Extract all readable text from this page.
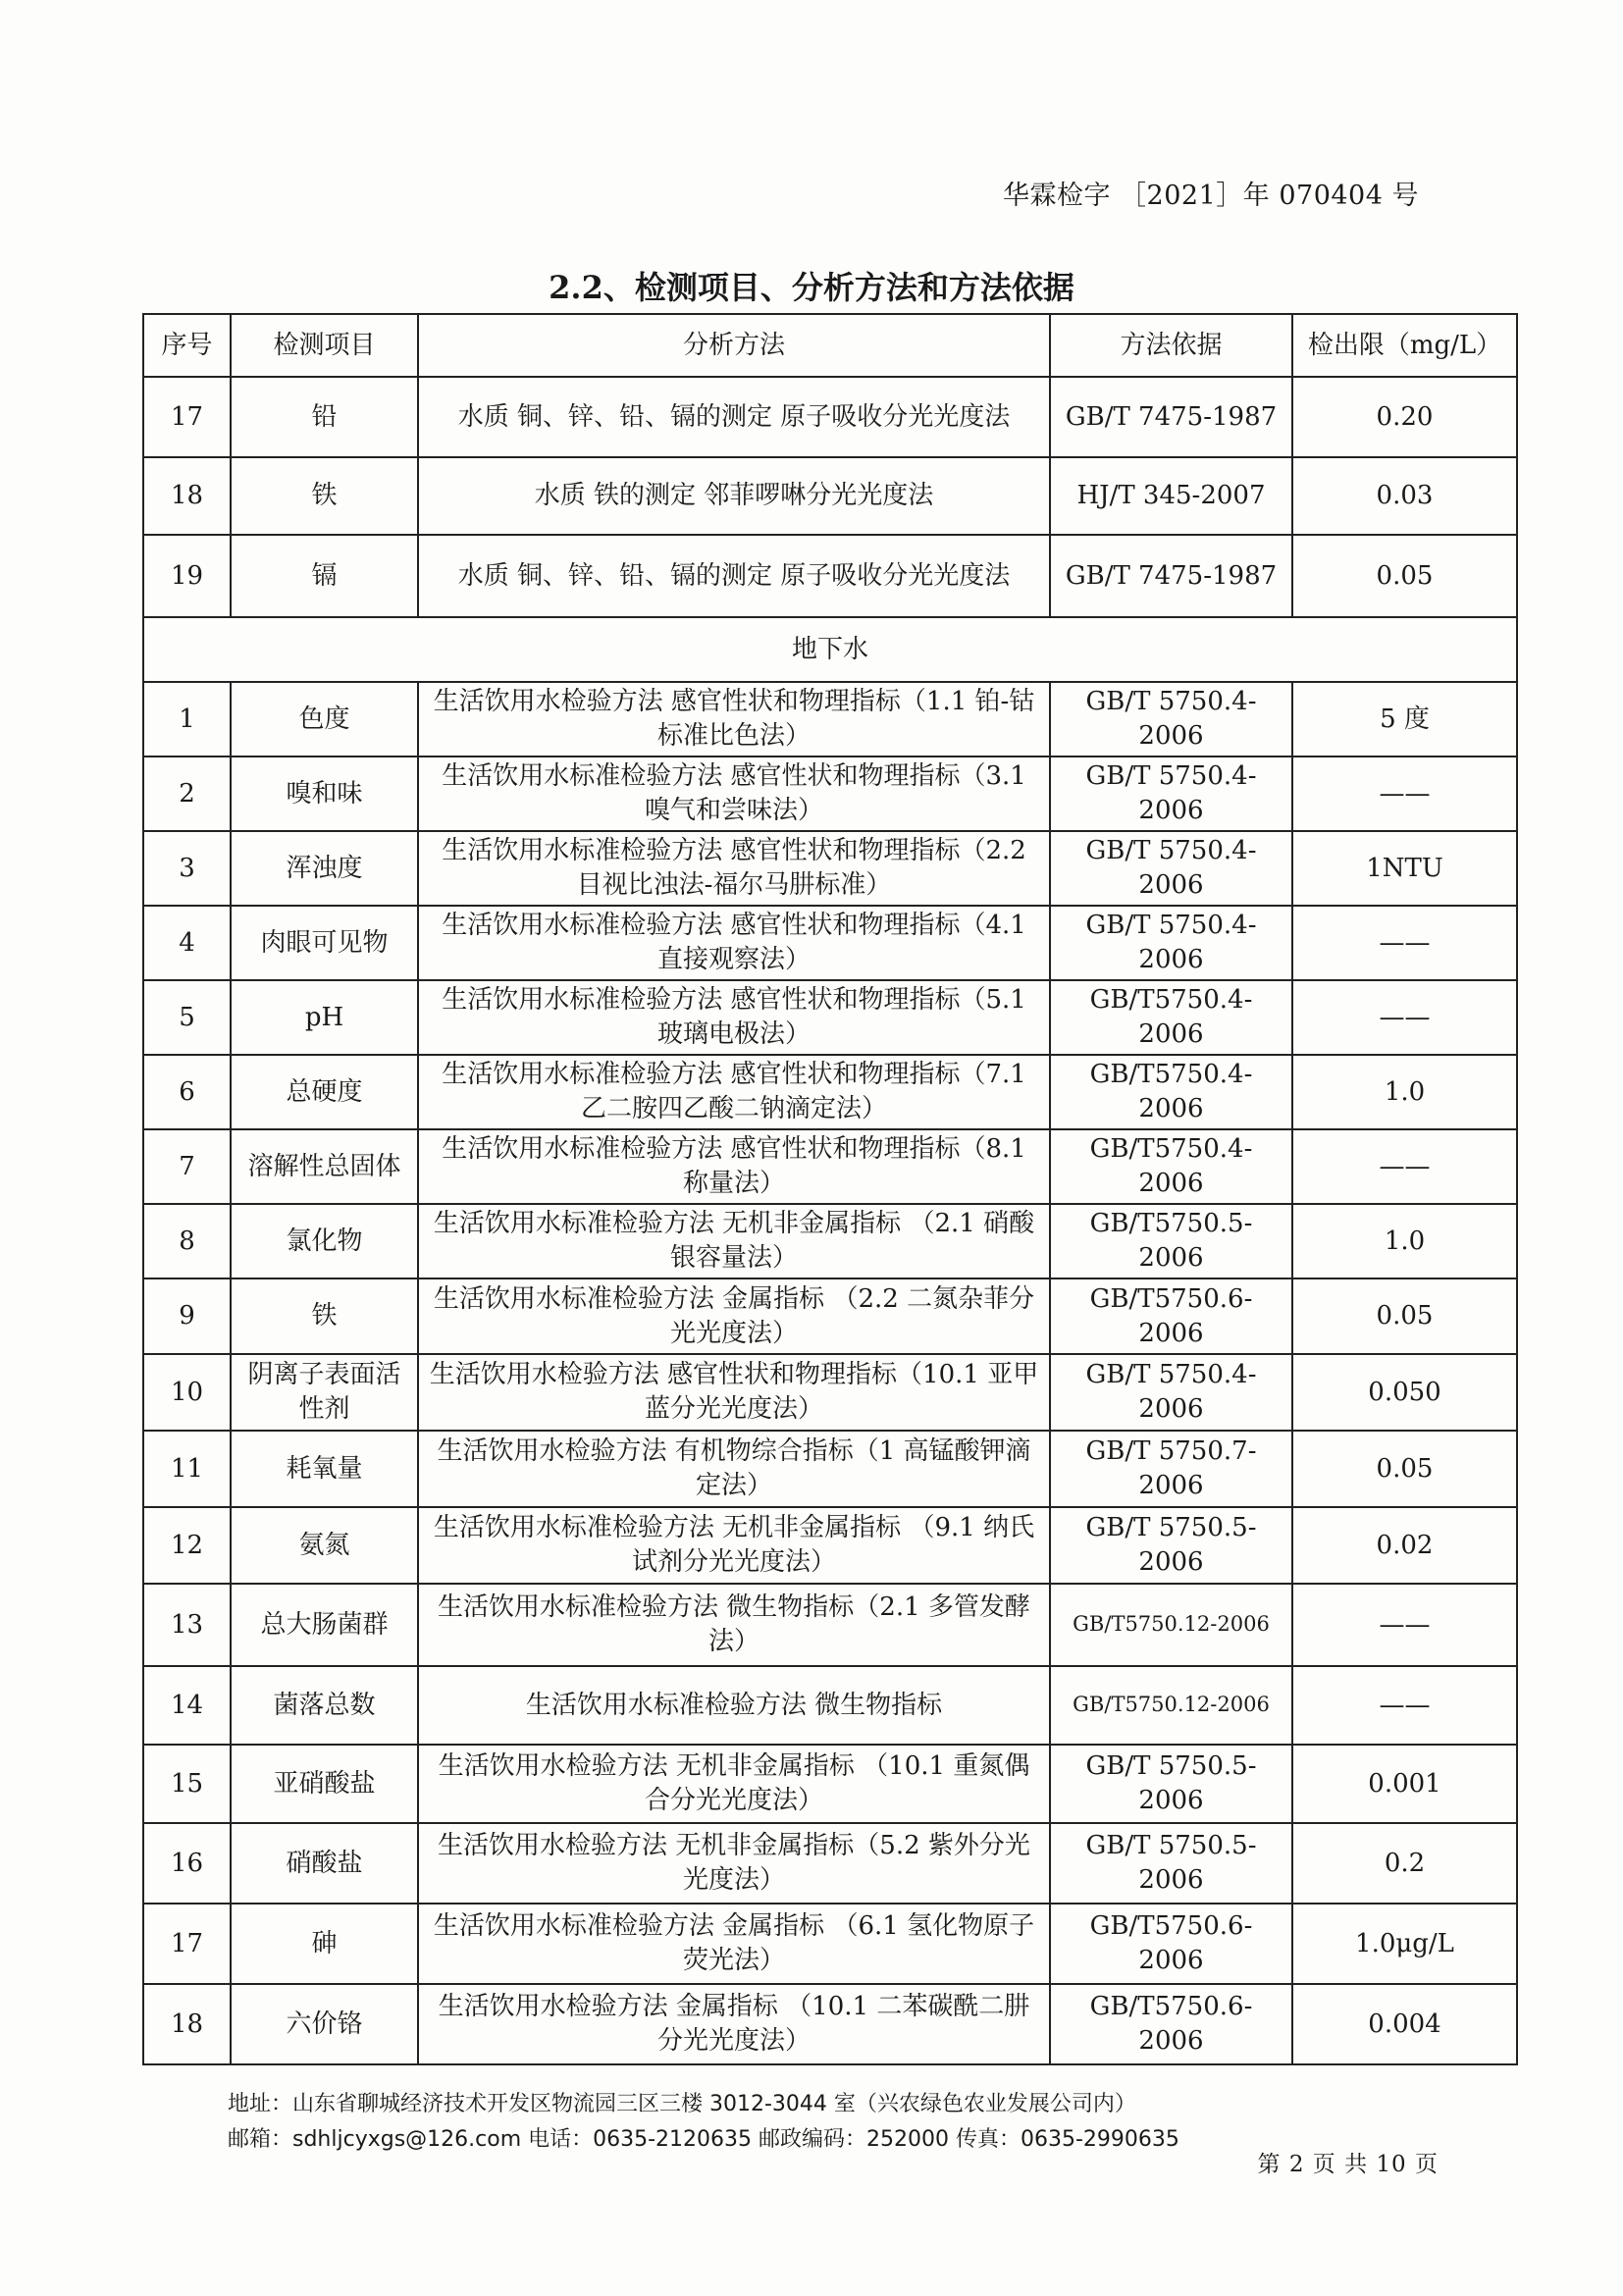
华霖检字 ［2021］年 070404 号
2.2、检测项目、分析方法和方法依据
序号	检测项目	分析方法	方法依据	检出限（mg/L）
17	铅	水质 铜、锌、铅、镉的测定 原子吸收分光光度法	GB/T 7475-1987	0.20
18	铁	水质 铁的测定 邻菲啰啉分光光度法	HJ/T 345-2007	0.03
19	镉	水质 铜、锌、铅、镉的测定 原子吸收分光光度法	GB/T 7475-1987	0.05
地下水				
1	色度	生活饮用水检验方法 感官性状和物理指标（1.1 铂-钴标准比色法）	GB/T 5750.4-2006	5 度
2	嗅和味	生活饮用水标准检验方法 感官性状和物理指标（3.1 嗅气和尝味法）	GB/T 5750.4-2006	——
3	浑浊度	生活饮用水标准检验方法 感官性状和物理指标（2.2 目视比浊法-福尔马肼标准）	GB/T 5750.4-2006	1NTU
4	肉眼可见物	生活饮用水标准检验方法 感官性状和物理指标（4.1 直接观察法）	GB/T 5750.4-2006	——
5	pH	生活饮用水标准检验方法 感官性状和物理指标（5.1 玻璃电极法）	GB/T5750.4-2006	——
6	总硬度	生活饮用水标准检验方法 感官性状和物理指标（7.1 乙二胺四乙酸二钠滴定法）	GB/T5750.4-2006	1.0
7	溶解性总固体	生活饮用水标准检验方法 感官性状和物理指标（8.1 称量法）	GB/T5750.4-2006	——
8	氯化物	生活饮用水标准检验方法 无机非金属指标 （2.1 硝酸银容量法）	GB/T5750.5-2006	1.0
9	铁	生活饮用水标准检验方法 金属指标 （2.2 二氮杂菲分光光度法）	GB/T5750.6-2006	0.05
10	阴离子表面活性剂	生活饮用水检验方法 感官性状和物理指标（10.1 亚甲蓝分光光度法）	GB/T 5750.4-2006	0.050
11	耗氧量	生活饮用水检验方法 有机物综合指标（1 高锰酸钾滴定法）	GB/T 5750.7-2006	0.05
12	氨氮	生活饮用水标准检验方法 无机非金属指标 （9.1 纳氏试剂分光光度法）	GB/T 5750.5-2006	0.02
13	总大肠菌群	生活饮用水标准检验方法 微生物指标（2.1 多管发酵法）	GB/T5750.12-2006	——
14	菌落总数	生活饮用水标准检验方法 微生物指标	GB/T5750.12-2006	——
15	亚硝酸盐	生活饮用水检验方法 无机非金属指标 （10.1 重氮偶合分光光度法）	GB/T 5750.5-2006	0.001
16	硝酸盐	生活饮用水检验方法 无机非金属指标（5.2 紫外分光光度法）	GB/T 5750.5-2006	0.2
17	砷	生活饮用水标准检验方法 金属指标 （6.1 氢化物原子荧光法）	GB/T5750.6-2006	1.0μg/L
18	六价铬	生活饮用水检验方法 金属指标 （10.1 二苯碳酰二肼分光光度法）	GB/T5750.6-2006	0.004
地址：山东省聊城经济技术开发区物流园三区三楼 3012-3044 室（兴农绿色农业发展公司内）
邮箱：sdhljcyxgs@126.com 电话：0635-2120635 邮政编码：252000 传真：0635-2990635
第 2 页 共 10 页
